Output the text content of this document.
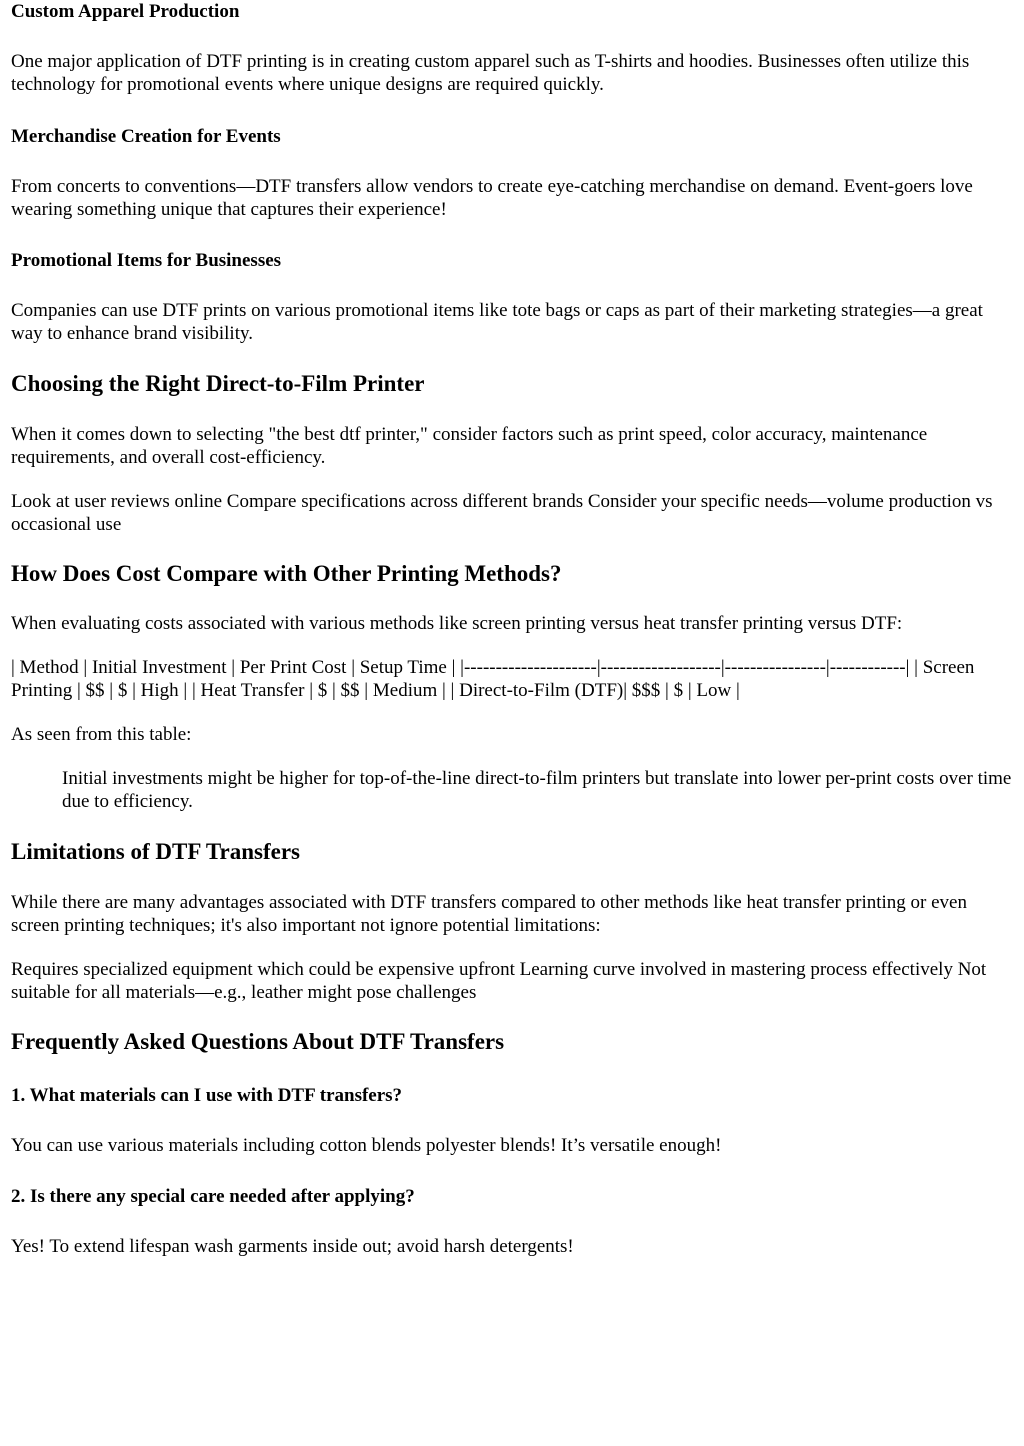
Custom Apparel Production

One major application of DTF printing is in creating custom apparel such as T-shirts and hoodies. Businesses often utilize this technology for promotional events where unique designs are required quickly.

Merchandise Creation for Events

From concerts to conventions—DTF transfers allow vendors to create eye-catching merchandise on demand. Event-goers love wearing something unique that captures their experience!

Promotional Items for Businesses

Companies can use DTF prints on various promotional items like tote bags or caps as part of their marketing strategies—a great way to enhance brand visibility.

Choosing the Right Direct-to-Film Printer

When it comes down to selecting "the best dtf printer," consider factors such as print speed, color accuracy, maintenance requirements, and overall cost-efficiency.

Look at user reviews online Compare specifications across different brands Consider your specific needs—volume production vs occasional use

How Does Cost Compare with Other Printing Methods?

When evaluating costs associated with various methods like screen printing versus heat transfer printing versus DTF:

| Method | Initial Investment | Per Print Cost | Setup Time | |---------------------|-------------------|----------------|------------| | Screen Printing | $$ | $ | High | | Heat Transfer | $ | $$ | Medium | | Direct-to-Film (DTF)| $$$ | $ | Low |

As seen from this table:

Initial investments might be higher for top-of-the-line direct-to-film printers but translate into lower per-print costs over time due to efficiency.
Limitations of DTF Transfers

While there are many advantages associated with DTF transfers compared to other methods like heat transfer printing or even screen printing techniques; it's also important not ignore potential limitations:

Requires specialized equipment which could be expensive upfront Learning curve involved in mastering process effectively Not suitable for all materials—e.g., leather might pose challenges

Frequently Asked Questions About DTF Transfers
1. What materials can I use with DTF transfers?

You can use various materials including cotton blends polyester blends! It’s versatile enough!

2. Is there any special care needed after applying?

Yes! To extend lifespan wash garments inside out; avoid harsh detergents!
